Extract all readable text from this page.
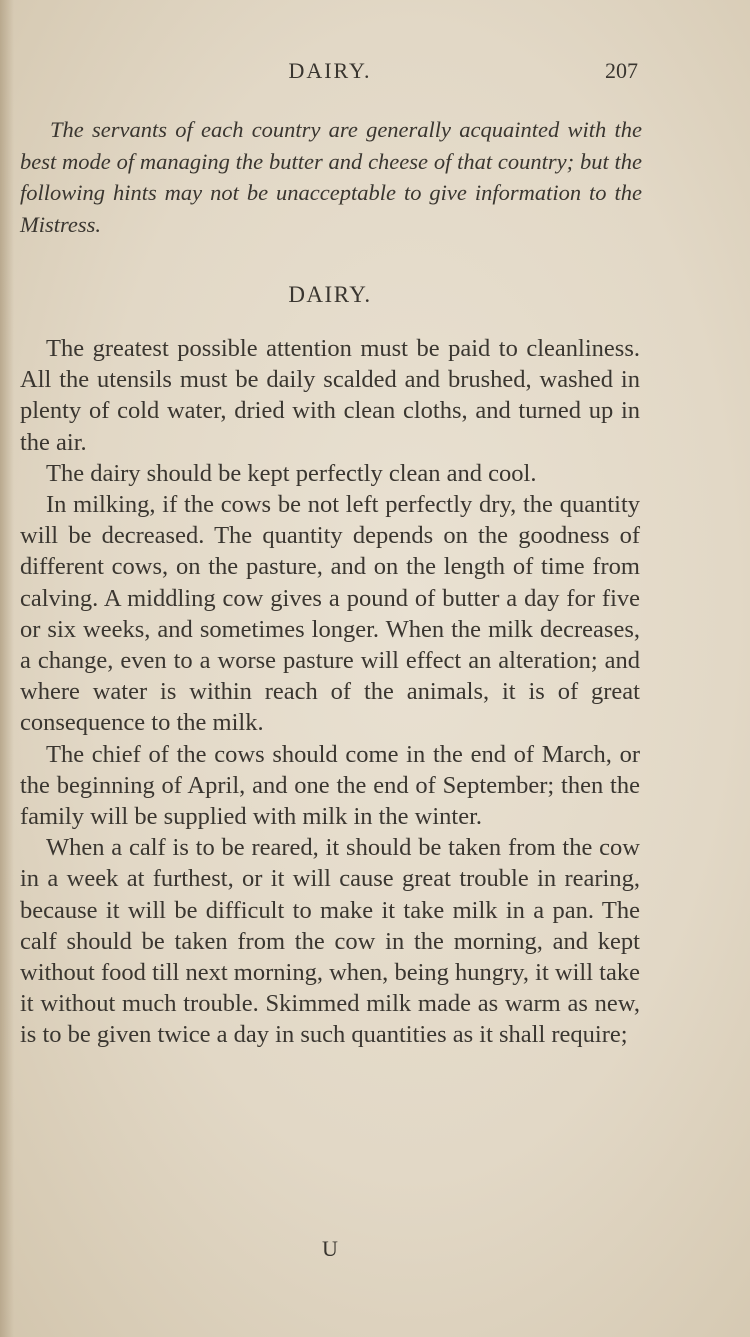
DAIRY.	207

The servants of each country are generally acquainted with the best mode of managing the butter and cheese of that country; but the following hints may not be unacceptable to give information to the Mistress.

DAIRY.

The greatest possible attention must be paid to cleanliness. All the utensils must be daily scalded and brushed, washed in plenty of cold water, dried with clean cloths, and turned up in the air.

The dairy should be kept perfectly clean and cool.

In milking, if the cows be not left perfectly dry, the quantity will be decreased. The quantity depends on the goodness of different cows, on the pasture, and on the length of time from calving. A middling cow gives a pound of butter a day for five or six weeks, and sometimes longer. When the milk decreases, a change, even to a worse pasture will effect an alteration; and where water is within reach of the animals, it is of great consequence to the milk.

The chief of the cows should come in the end of March, or the beginning of April, and one the end of September; then the family will be supplied with milk in the winter.

When a calf is to be reared, it should be taken from the cow in a week at furthest, or it will cause great trouble in rearing, because it will be difficult to make it take milk in a pan. The calf should be taken from the cow in the morning, and kept without food till next morning, when, being hungry, it will take it without much trouble. Skimmed milk made as warm as new, is to be given twice a day in such quantities as it shall require;

U
